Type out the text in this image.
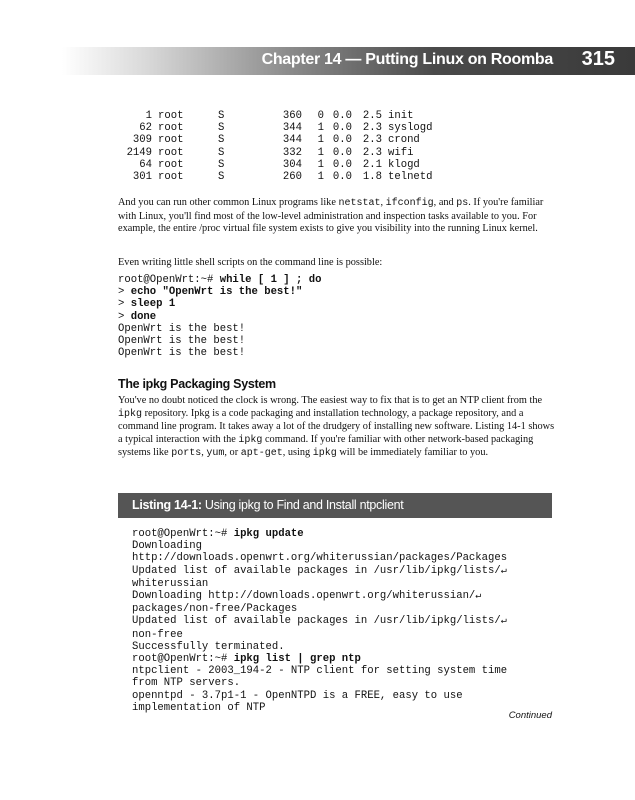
Chapter 14 — Putting Linux on Roomba 315
1 root	S	360 0 0.0 2.5 init
62 root	S	344 1 0.0 2.3 syslogd
309 root	S	344 1 0.0 2.3 crond
2149 root	S	332 1 0.0 2.3 wifi
64 root	S	304 1 0.0 2.1 klogd
301 root	S	260 1 0.0 1.8 telnetd

And you can run other common Linux programs like netstat, ifconfig, and ps. If you're familiar with Linux, you'll find most of the low-level administration and inspection tasks available to you. For example, the entire /proc virtual file system exists to give you visibility into the running Linux kernel.

Even writing little shell scripts on the command line is possible:

root@OpenWrt:~# while [ 1 ] ; do
> echo "OpenWrt is the best!"
> sleep 1
> done
OpenWrt is the best!
OpenWrt is the best!
OpenWrt is the best!
The ipkg Packaging System

You've no doubt noticed the clock is wrong. The easiest way to fix that is to get an NTP client from the ipkg repository. Ipkg is a code packaging and installation technology, a package repository, and a command line program. It takes away a lot of the drudgery of installing new software. Listing 14-1 shows a typical interaction with the ipkg command. If you're familiar with other network-based packaging systems like ports, yum, or apt-get, using ipkg will be immediately familiar to you.

Listing 14-1: Using ipkg to Find and Install ntpclient
root@OpenWrt:~# ipkg update
Downloading
http://downloads.openwrt.org/whiterussian/packages/Packages
Updated list of available packages in /usr/lib/ipkg/lists/↵
whiterussian
Downloading http://downloads.openwrt.org/whiterussian/↵
packages/non-free/Packages
Updated list of available packages in /usr/lib/ipkg/lists/↵
non-free
Successfully terminated.
root@OpenWrt:~# ipkg list | grep ntp
ntpclient - 2003_194-2 - NTP client for setting system time
from NTP servers.
openntpd - 3.7p1-1 - OpenNTPD is a FREE, easy to use
implementation of NTP
Continued
